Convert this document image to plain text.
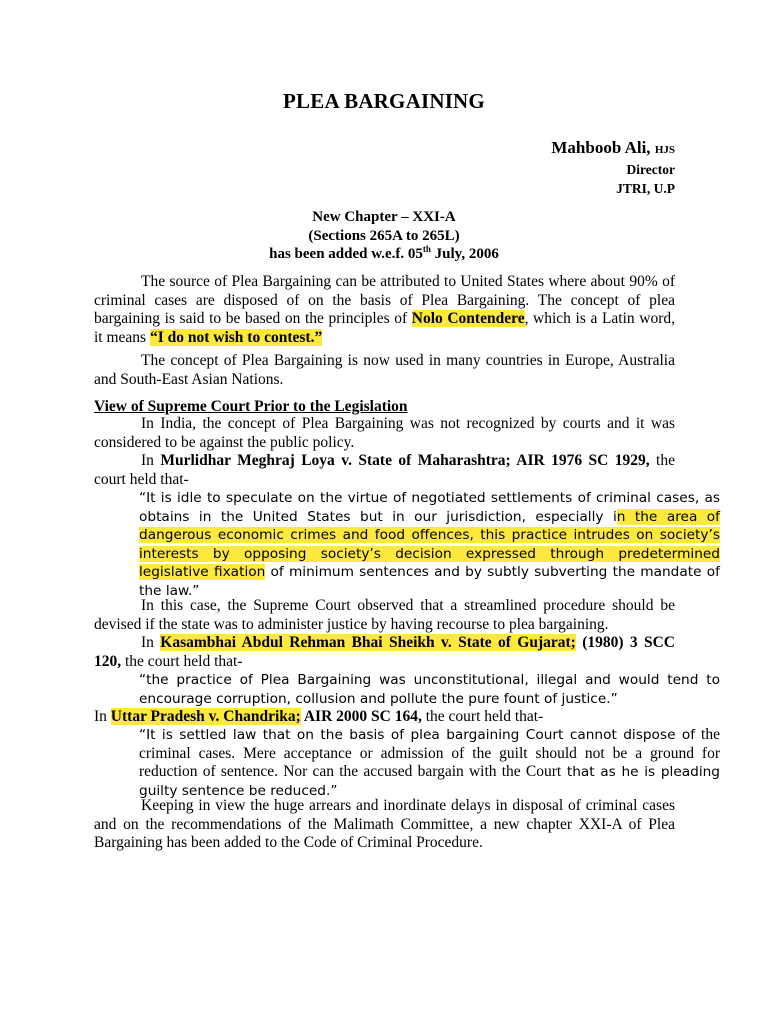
PLEA BARGAINING
Mahboob Ali, HJS
Director
JTRI, U.P
New Chapter – XXI-A
(Sections 265A to 265L)
has been added w.e.f. 05th July, 2006
The source of Plea Bargaining can be attributed to United States where about 90% of criminal cases are disposed of on the basis of Plea Bargaining. The concept of plea bargaining is said to be based on the principles of Nolo Contendere, which is a Latin word, it means “I do not wish to contest.”
The concept of Plea Bargaining is now used in many countries in Europe, Australia and South-East Asian Nations.
View of Supreme Court Prior to the Legislation
In India, the concept of Plea Bargaining was not recognized by courts and it was considered to be against the public policy.
In Murlidhar Meghraj Loya v. State of Maharashtra; AIR 1976 SC 1929, the court held that-
“It is idle to speculate on the virtue of negotiated settlements of criminal cases, as obtains in the United States but in our jurisdiction, especially in the area of dangerous economic crimes and food offences, this practice intrudes on society’s interests by opposing society’s decision expressed through predetermined legislative fixation of minimum sentences and by subtly subverting the mandate of the law.”
In this case, the Supreme Court observed that a streamlined procedure should be devised if the state was to administer justice by having recourse to plea bargaining.
In Kasambhai Abdul Rehman Bhai Sheikh v. State of Gujarat; (1980) 3 SCC 120, the court held that-
“the practice of Plea Bargaining was unconstitutional, illegal and would tend to encourage corruption, collusion and pollute the pure fount of justice.”
In Uttar Pradesh v. Chandrika; AIR 2000 SC 164, the court held that-
“It is settled law that on the basis of plea bargaining Court cannot dispose of the criminal cases. Mere acceptance or admission of the guilt should not be a ground for reduction of sentence. Nor can the accused bargain with the Court that as he is pleading guilty sentence be reduced.”
Keeping in view the huge arrears and inordinate delays in disposal of criminal cases and on the recommendations of the Malimath Committee, a new chapter XXI-A of Plea Bargaining has been added to the Code of Criminal Procedure.
